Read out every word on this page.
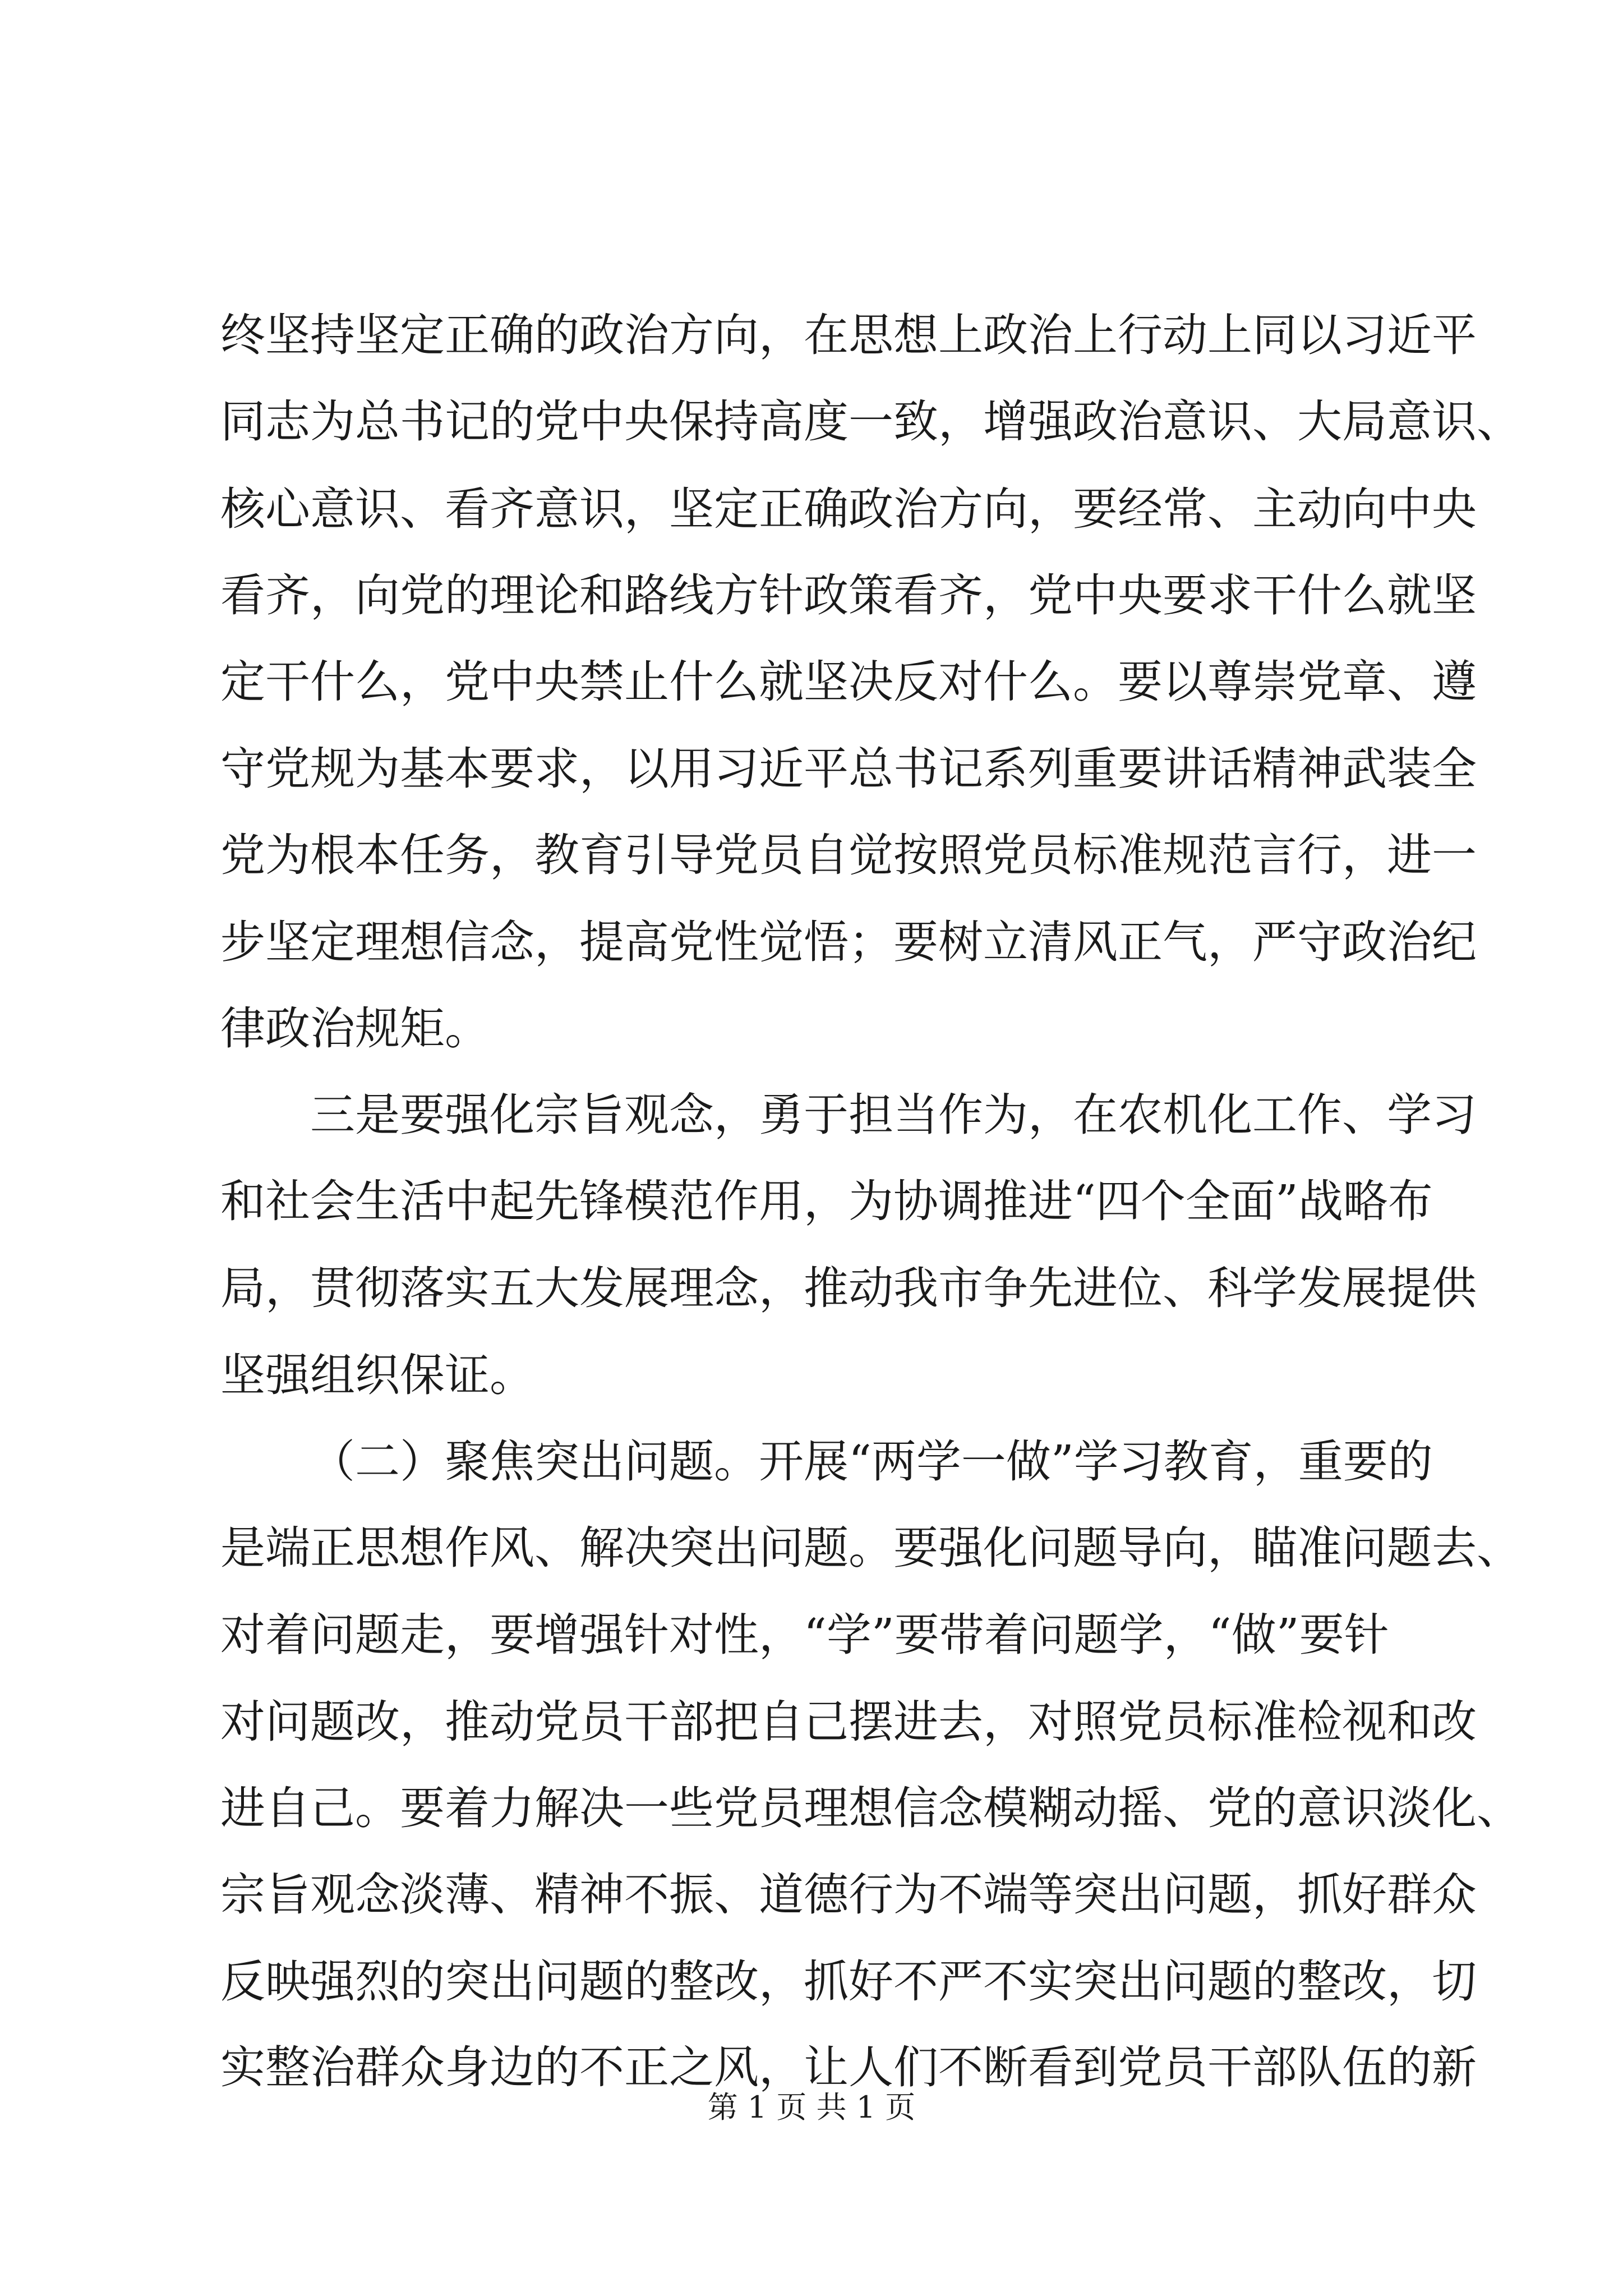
终坚持坚定正确的政治方向，在思想上政治上行动上同以习近平
同志为总书记的党中央保持高度一致，增强政治意识、大局意识、
核心意识、看齐意识，坚定正确政治方向，要经常、主动向中央
看齐，向党的理论和路线方针政策看齐，党中央要求干什么就坚
定干什么，党中央禁止什么就坚决反对什么。要以尊崇党章、遵
守党规为基本要求，以用习近平总书记系列重要讲话精神武装全
党为根本任务，教育引导党员自觉按照党员标准规范言行，进一
步坚定理想信念，提高党性觉悟；要树立清风正气，严守政治纪
律政治规矩。
三是要强化宗旨观念，勇于担当作为，在农机化工作、学习
和社会生活中起先锋模范作用，为协调推进“四个全面”战略布
局，贯彻落实五大发展理念，推动我市争先进位、科学发展提供
坚强组织保证。
（二）聚焦突出问题。开展“两学一做”学习教育，重要的
是端正思想作风、解决突出问题。要强化问题导向，瞄准问题去、
对着问题走，要增强针对性，“学”要带着问题学，“做”要针
对问题改，推动党员干部把自己摆进去，对照党员标准检视和改
进自己。要着力解决一些党员理想信念模糊动摇、党的意识淡化、
宗旨观念淡薄、精神不振、道德行为不端等突出问题，抓好群众
反映强烈的突出问题的整改，抓好不严不实突出问题的整改，切
实整治群众身边的不正之风，让人们不断看到党员干部队伍的新
第 1 页 共 1 页
